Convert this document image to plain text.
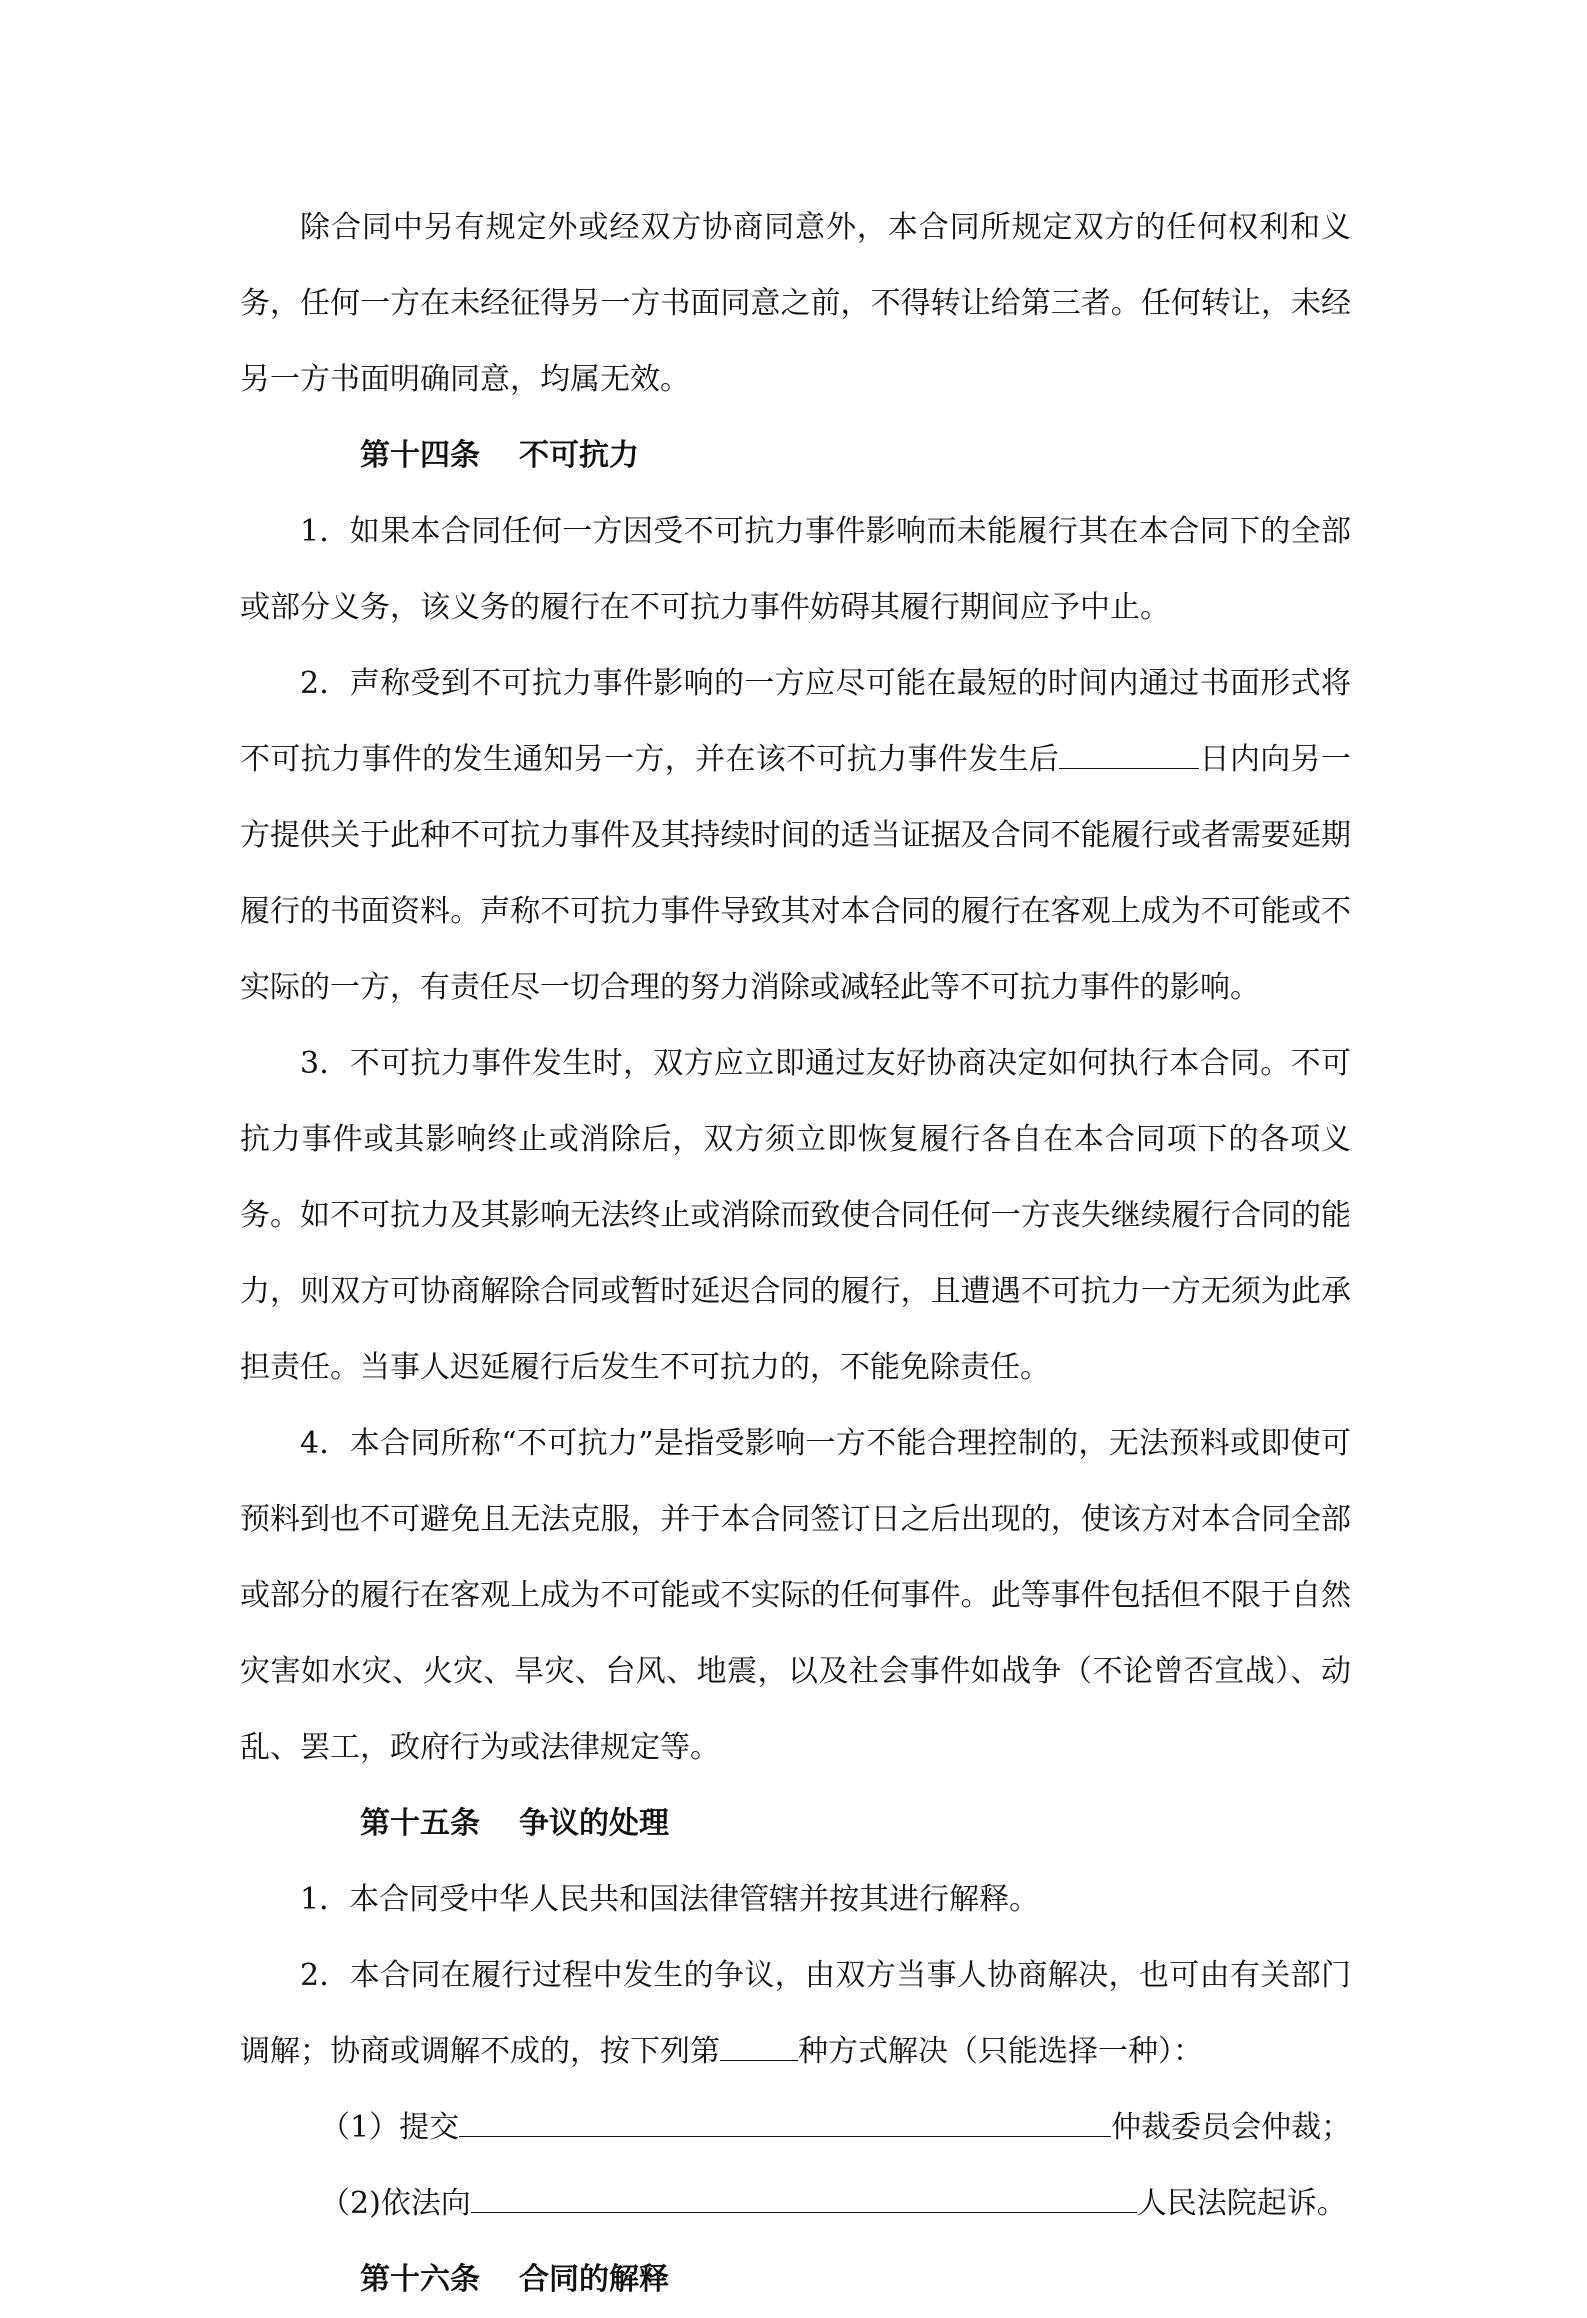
除合同中另有规定外或经双方协商同意外，本合同所规定双方的任何权利和义务，任何一方在未经征得另一方书面同意之前，不得转让给第三者。任何转让，未经另一方书面明确同意，均属无效。

第十四条 不可抗力

1．如果本合同任何一方因受不可抗力事件影响而未能履行其在本合同下的全部或部分义务，该义务的履行在不可抗力事件妨碍其履行期间应予中止。

2．声称受到不可抗力事件影响的一方应尽可能在最短的时间内通过书面形式将不可抗力事件的发生通知另一方，并在该不可抗力事件发生后	日内向另一方提供关于此种不可抗力事件及其持续时间的适当证据及合同不能履行或者需要延期履行的书面资料。声称不可抗力事件导致其对本合同的履行在客观上成为不可能或不实际的一方，有责任尽一切合理的努力消除或减轻此等不可抗力事件的影响。

3．不可抗力事件发生时，双方应立即通过友好协商决定如何执行本合同。不可抗力事件或其影响终止或消除后，双方须立即恢复履行各自在本合同项下的各项义务。如不可抗力及其影响无法终止或消除而致使合同任何一方丧失继续履行合同的能力，则双方可协商解除合同或暂时延迟合同的履行，且遭遇不可抗力一方无须为此承担责任。当事人迟延履行后发生不可抗力的，不能免除责任。

4．本合同所称“不可抗力”是指受影响一方不能合理控制的，无法预料或即使可预料到也不可避免且无法克服，并于本合同签订日之后出现的，使该方对本合同全部或部分的履行在客观上成为不可能或不实际的任何事件。此等事件包括但不限于自然灾害如水灾、火灾、旱灾、台风、地震，以及社会事件如战争（不论曾否宣战）、动乱、罢工，政府行为或法律规定等。

第十五条 争议的处理

1．本合同受中华人民共和国法律管辖并按其进行解释。

2．本合同在履行过程中发生的争议，由双方当事人协商解决，也可由有关部门调解；协商或调解不成的，按下列第	种方式解决（只能选择一种）：

（1）提交	仲裁委员会仲裁；

（2)依法向	人民法院起诉。

第十六条 合同的解释
